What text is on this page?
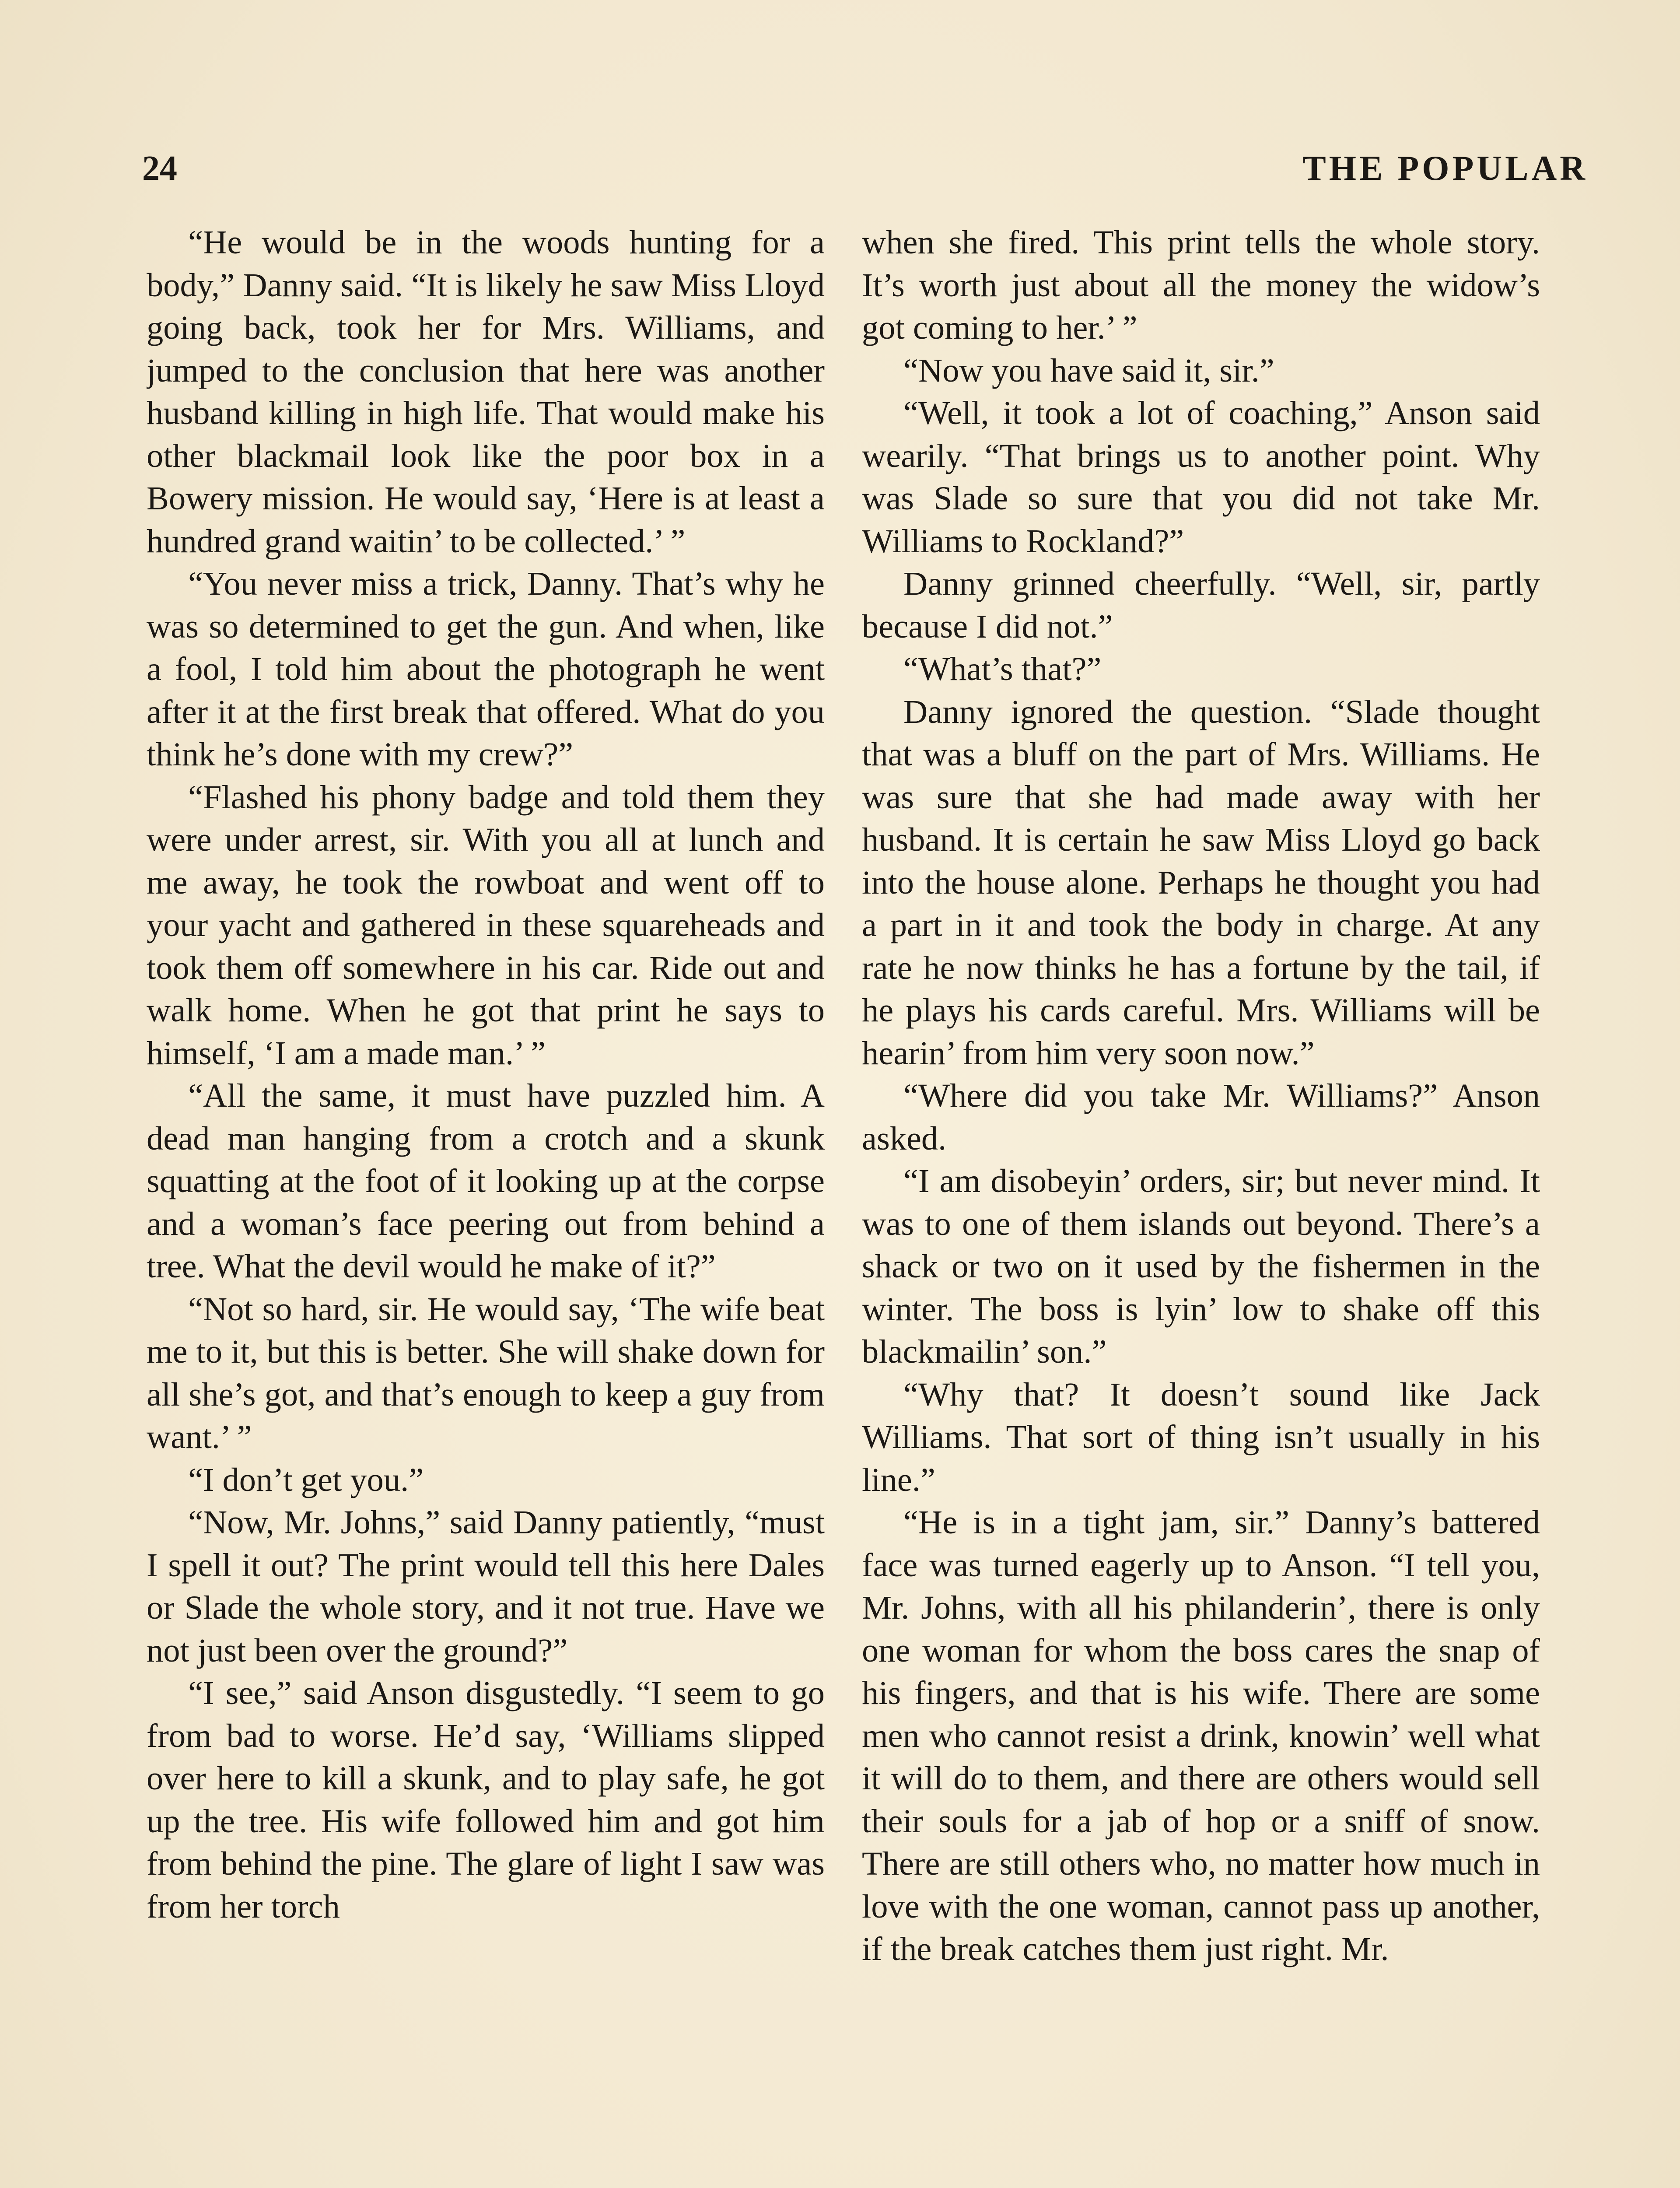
24	THE POPULAR

“He would be in the woods hunting for a body,” Danny said. “It is likely he saw Miss Lloyd going back, took her for Mrs. Williams, and jumped to the conclusion that here was another husband killing in high life. That would make his other blackmail look like the poor box in a Bowery mission. He would say, ‘Here is at least a hundred grand waitin’ to be collected.’ ”

“You never miss a trick, Danny. That’s why he was so determined to get the gun. And when, like a fool, I told him about the photograph he went after it at the first break that offered. What do you think he’s done with my crew?”

“Flashed his phony badge and told them they were under arrest, sir. With you all at lunch and me away, he took the rowboat and went off to your yacht and gathered in these squareheads and took them off somewhere in his car. Ride out and walk home. When he got that print he says to himself, ‘I am a made man.’ ”

“All the same, it must have puzzled him. A dead man hanging from a crotch and a skunk squatting at the foot of it looking up at the corpse and a woman’s face peering out from behind a tree. What the devil would he make of it?”

“Not so hard, sir. He would say, ‘The wife beat me to it, but this is better. She will shake down for all she’s got, and that’s enough to keep a guy from want.’ ”

“I don’t get you.”

“Now, Mr. Johns,” said Danny patiently, “must I spell it out? The print would tell this here Dales or Slade the whole story, and it not true. Have we not just been over the ground?”

“I see,” said Anson disgustedly. “I seem to go from bad to worse. He’d say, ‘Williams slipped over here to kill a skunk, and to play safe, he got up the tree. His wife followed him and got him from behind the pine. The glare of light I saw was from her torch

when she fired. This print tells the whole story. It’s worth just about all the money the widow’s got coming to her.’ ”

“Now you have said it, sir.”

“Well, it took a lot of coaching,” Anson said wearily. “That brings us to another point. Why was Slade so sure that you did not take Mr. Williams to Rockland?”

Danny grinned cheerfully. “Well, sir, partly because I did not.”

“What’s that?”

Danny ignored the question. “Slade thought that was a bluff on the part of Mrs. Williams. He was sure that she had made away with her husband. It is certain he saw Miss Lloyd go back into the house alone. Perhaps he thought you had a part in it and took the body in charge. At any rate he now thinks he has a fortune by the tail, if he plays his cards careful. Mrs. Williams will be hearin’ from him very soon now.”

“Where did you take Mr. Williams?” Anson asked.

“I am disobeyin’ orders, sir; but never mind. It was to one of them islands out beyond. There’s a shack or two on it used by the fishermen in the winter. The boss is lyin’ low to shake off this blackmailin’ son.”

“Why that? It doesn’t sound like Jack Williams. That sort of thing isn’t usually in his line.”

“He is in a tight jam, sir.” Danny’s battered face was turned eagerly up to Anson. “I tell you, Mr. Johns, with all his philanderin’, there is only one woman for whom the boss cares the snap of his fingers, and that is his wife. There are some men who cannot resist a drink, knowin’ well what it will do to them, and there are others would sell their souls for a jab of hop or a sniff of snow. There are still others who, no matter how much in love with the one woman, cannot pass up another, if the break catches them just right. Mr.
